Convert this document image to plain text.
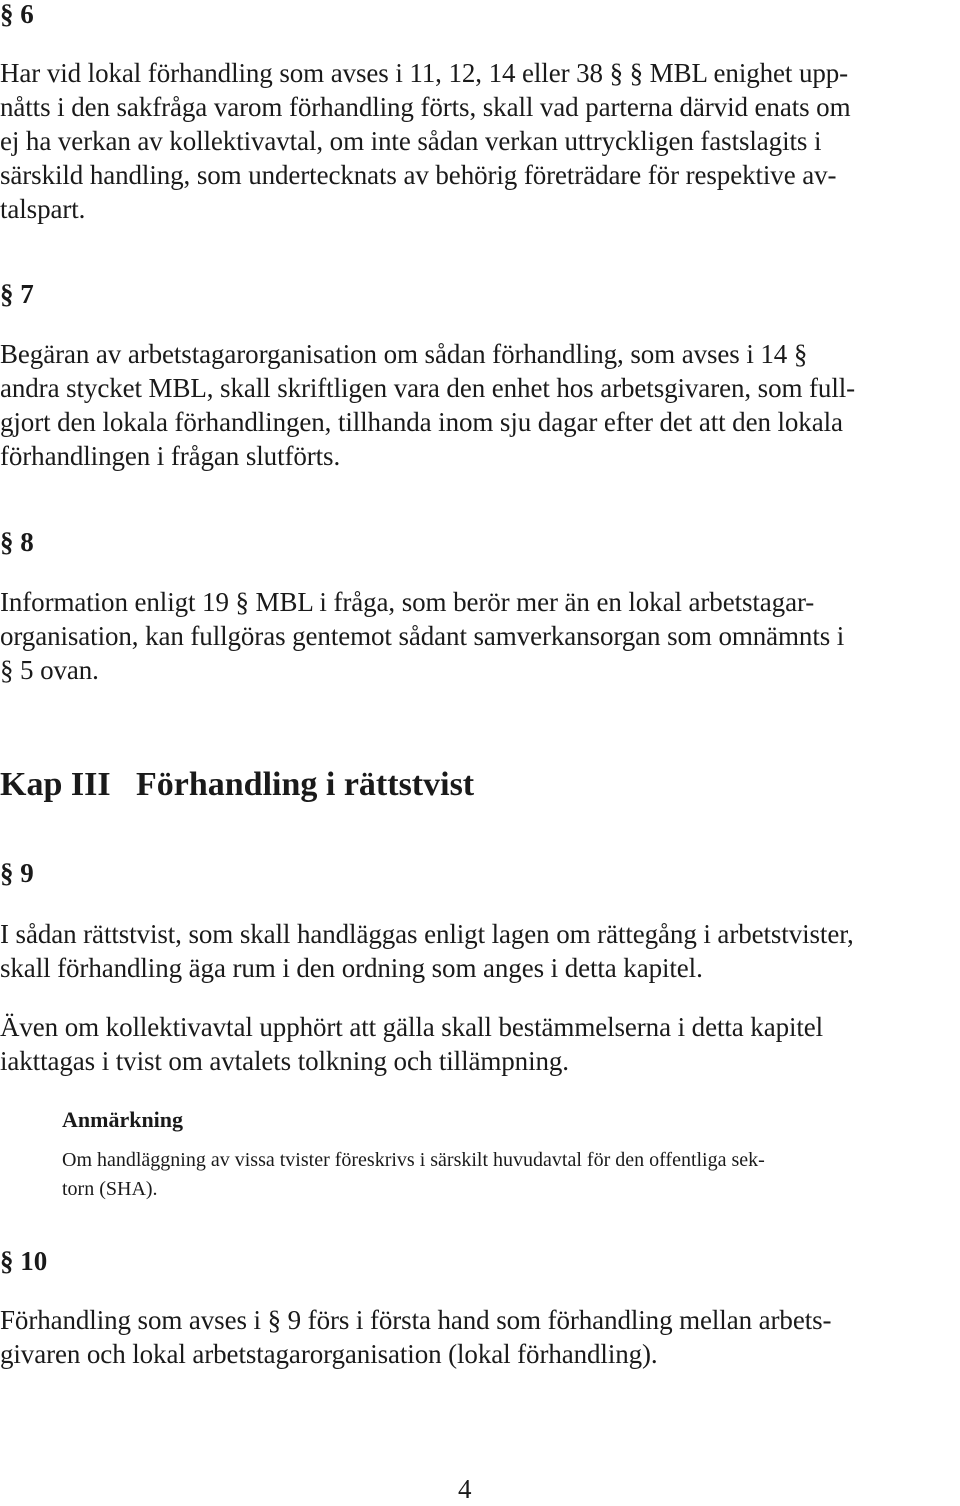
§ 6
Har vid lokal förhandling som avses i 11, 12, 14 eller 38 § § MBL enighet upp-
nåtts i den sakfråga varom förhandling förts, skall vad parterna därvid enats om
ej ha verkan av kollektivavtal, om inte sådan verkan uttryckligen fastslagits i
särskild handling, som undertecknats av behörig företrädare för respektive av-
talspart.
§ 7
Begäran av arbetstagarorganisation om sådan förhandling, som avses i 14 §
andra stycket MBL, skall skriftligen vara den enhet hos arbetsgivaren, som full-
gjort den lokala förhandlingen, tillhanda inom sju dagar efter det att den lokala
förhandlingen i frågan slutförts.
§ 8
Information enligt 19 § MBL i fråga, som berör mer än en lokal arbetstagar-
organisation, kan fullgöras gentemot sådant samverkansorgan som omnämnts i
§ 5 ovan.
Kap III Förhandling i rättstvist
§ 9
I sådan rättstvist, som skall handläggas enligt lagen om rättegång i arbetstvister,
skall förhandling äga rum i den ordning som anges i detta kapitel.
Även om kollektivavtal upphört att gälla skall bestämmelserna i detta kapitel
iakttagas i tvist om avtalets tolkning och tillämpning.
Anmärkning
Om handläggning av vissa tvister föreskrivs i särskilt huvudavtal för den offentliga sek-
torn (SHA).
§ 10
Förhandling som avses i § 9 förs i första hand som förhandling mellan arbets-
givaren och lokal arbetstagarorganisation (lokal förhandling).
4
